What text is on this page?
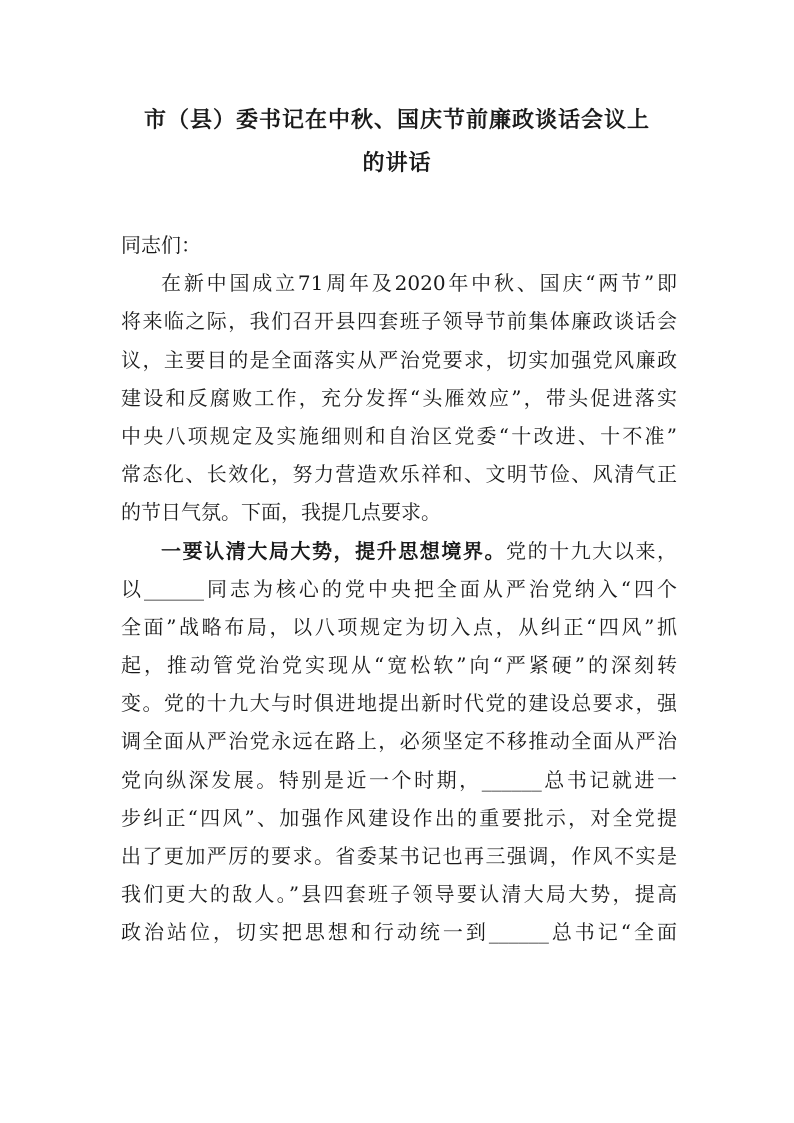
市（县）委书记在中秋、国庆节前廉政谈话会议上
的讲话
同志们：
在新中国成立71周年及2020年中秋、国庆“两节”即
将来临之际，我们召开县四套班子领导节前集体廉政谈话会
议，主要目的是全面落实从严治党要求，切实加强党风廉政
建设和反腐败工作，充分发挥“头雁效应”，带头促进落实
中央八项规定及实施细则和自治区党委“十改进、十不准”
常态化、长效化，努力营造欢乐祥和、文明节俭、风清气正
的节日气氛。下面，我提几点要求。
一要认清大局大势，提升思想境界。党的十九大以来，
以______同志为核心的党中央把全面从严治党纳入“四个
全面”战略布局，以八项规定为切入点，从纠正“四风”抓
起，推动管党治党实现从“宽松软”向“严紧硬”的深刻转
变。党的十九大与时俱进地提出新时代党的建设总要求，强
调全面从严治党永远在路上，必须坚定不移推动全面从严治
党向纵深发展。特别是近一个时期，______总书记就进一
步纠正“四风”、加强作风建设作出的重要批示，对全党提
出了更加严厉的要求。省委某书记也再三强调，作风不实是
我们更大的敌人。”县四套班子领导要认清大局大势，提高
政治站位，切实把思想和行动统一到______总书记“全面
